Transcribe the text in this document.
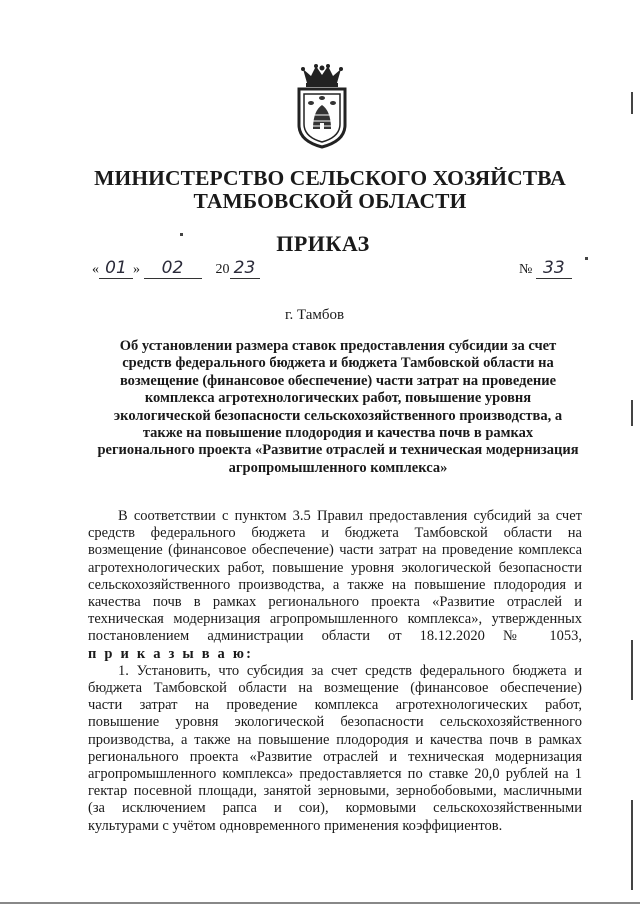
МИНИСТЕРСТВО СЕЛЬСКОГО ХОЗЯЙСТВА
ТАМБОВСКОЙ ОБЛАСТИ
ПРИКАЗ
« 01 » 02 20 23	№ 33
г. Тамбов
Об установлении размера ставок предоставления субсидии за счет
средств федерального бюджета и бюджета Тамбовской области на
возмещение (финансовое обеспечение) части затрат на проведение
комплекса агротехнологических работ, повышение уровня
экологической безопасности сельскохозяйственного производства, а
также на повышение плодородия и качества почв в рамках
регионального проекта «Развитие отраслей и техническая модернизация
агропромышленного комплекса»
В соответствии с пунктом 3.5 Правил предоставления субсидий за счет
средств федерального бюджета и бюджета Тамбовской области на
возмещение (финансовое обеспечение) части затрат на проведение комплекса
агротехнологических работ, повышение уровня экологической безопасности
сельскохозяйственного производства, а также на повышение плодородия и
качества почв в рамках регионального проекта «Развитие отраслей и
техническая модернизация агропромышленного комплекса», утвержденных
постановлением администрации области от 18.12.2020 № 1053,
п р и к а з ы в а ю:
1. Установить, что субсидия за счет средств федерального бюджета и
бюджета Тамбовской области на возмещение (финансовое обеспечение)
части затрат на проведение комплекса агротехнологических работ,
повышение уровня экологической безопасности сельскохозяйственного
производства, а также на повышение плодородия и качества почв в рамках
регионального проекта «Развитие отраслей и техническая модернизация
агропромышленного комплекса» предоставляется по ставке 20,0 рублей на 1
гектар посевной площади, занятой зерновыми, зернобобовыми, масличными
(за исключением рапса и сои), кормовыми сельскохозяйственными
культурами с учётом одновременного применения коэффициентов.
